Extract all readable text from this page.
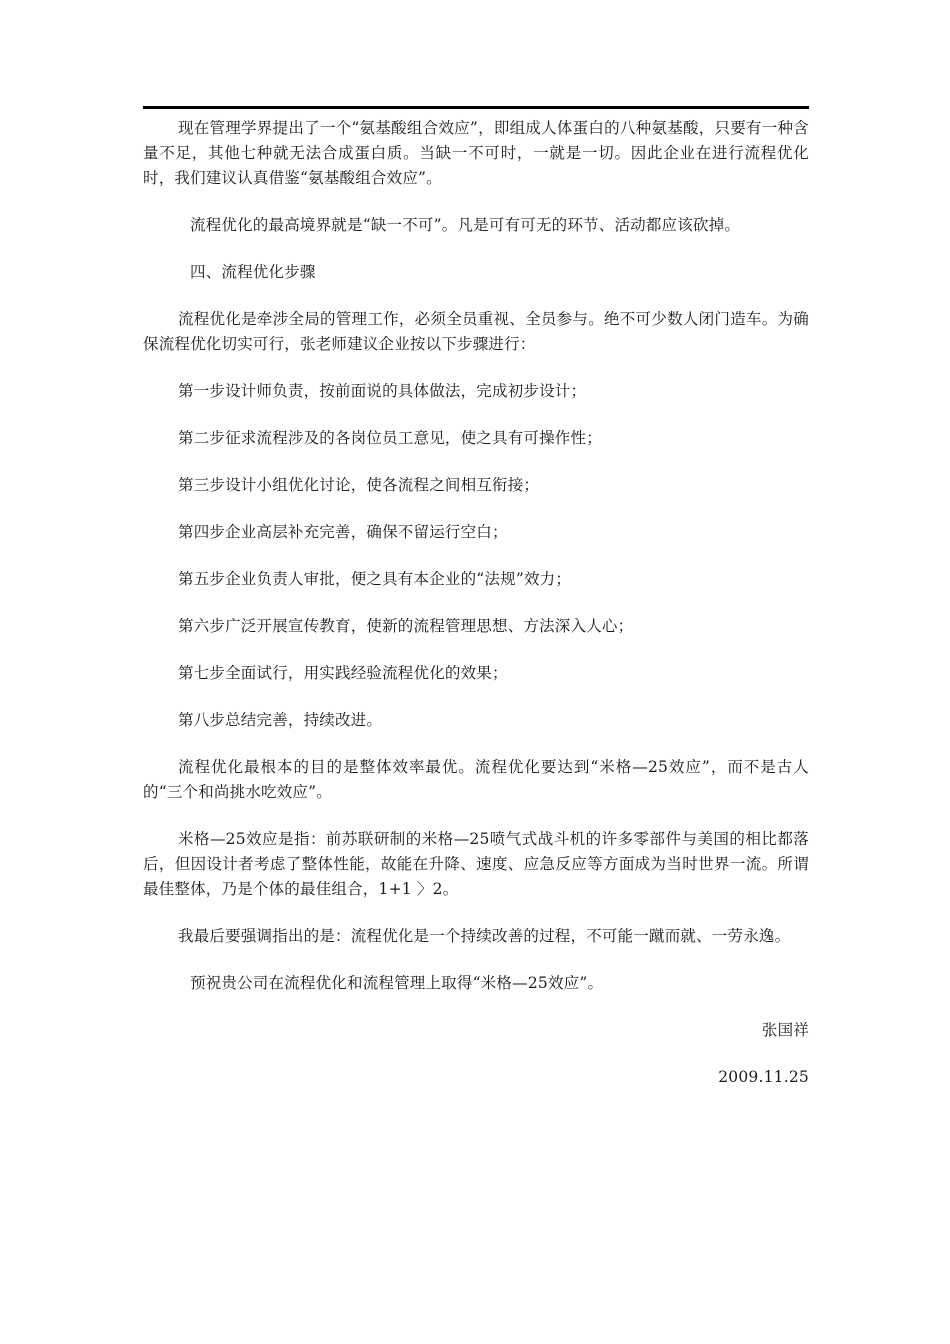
现在管理学界提出了一个“氨基酸组合效应”，即组成人体蛋白的八种氨基酸，只要有一种含量不足，其他七种就无法合成蛋白质。当缺一不可时，一就是一切。因此企业在进行流程优化时，我们建议认真借鉴“氨基酸组合效应”。

流程优化的最高境界就是“缺一不可”。凡是可有可无的环节、活动都应该砍掉。

四、流程优化步骤

流程优化是牵涉全局的管理工作，必须全员重视、全员参与。绝不可少数人闭门造车。为确保流程优化切实可行，张老师建议企业按以下步骤进行：

第一步设计师负责，按前面说的具体做法，完成初步设计；

第二步征求流程涉及的各岗位员工意见，使之具有可操作性；

第三步设计小组优化讨论，使各流程之间相互衔接；

第四步企业高层补充完善，确保不留运行空白；

第五步企业负责人审批，便之具有本企业的“法规”效力；

第六步广泛开展宣传教育，使新的流程管理思想、方法深入人心；

第七步全面试行，用实践经验流程优化的效果；

第八步总结完善，持续改进。

流程优化最根本的目的是整体效率最优。流程优化要达到“米格—25效应”，而不是古人的“三个和尚挑水吃效应”。

米格—25效应是指：前苏联研制的米格—25喷气式战斗机的许多零部件与美国的相比都落后，但因设计者考虑了整体性能，故能在升降、速度、应急反应等方面成为当时世界一流。所谓最佳整体，乃是个体的最佳组合，1+1 〉2。

我最后要强调指出的是：流程优化是一个持续改善的过程，不可能一蹴而就、一劳永逸。

预祝贵公司在流程优化和流程管理上取得“米格—25效应”。

张国祥

2009.11.25
